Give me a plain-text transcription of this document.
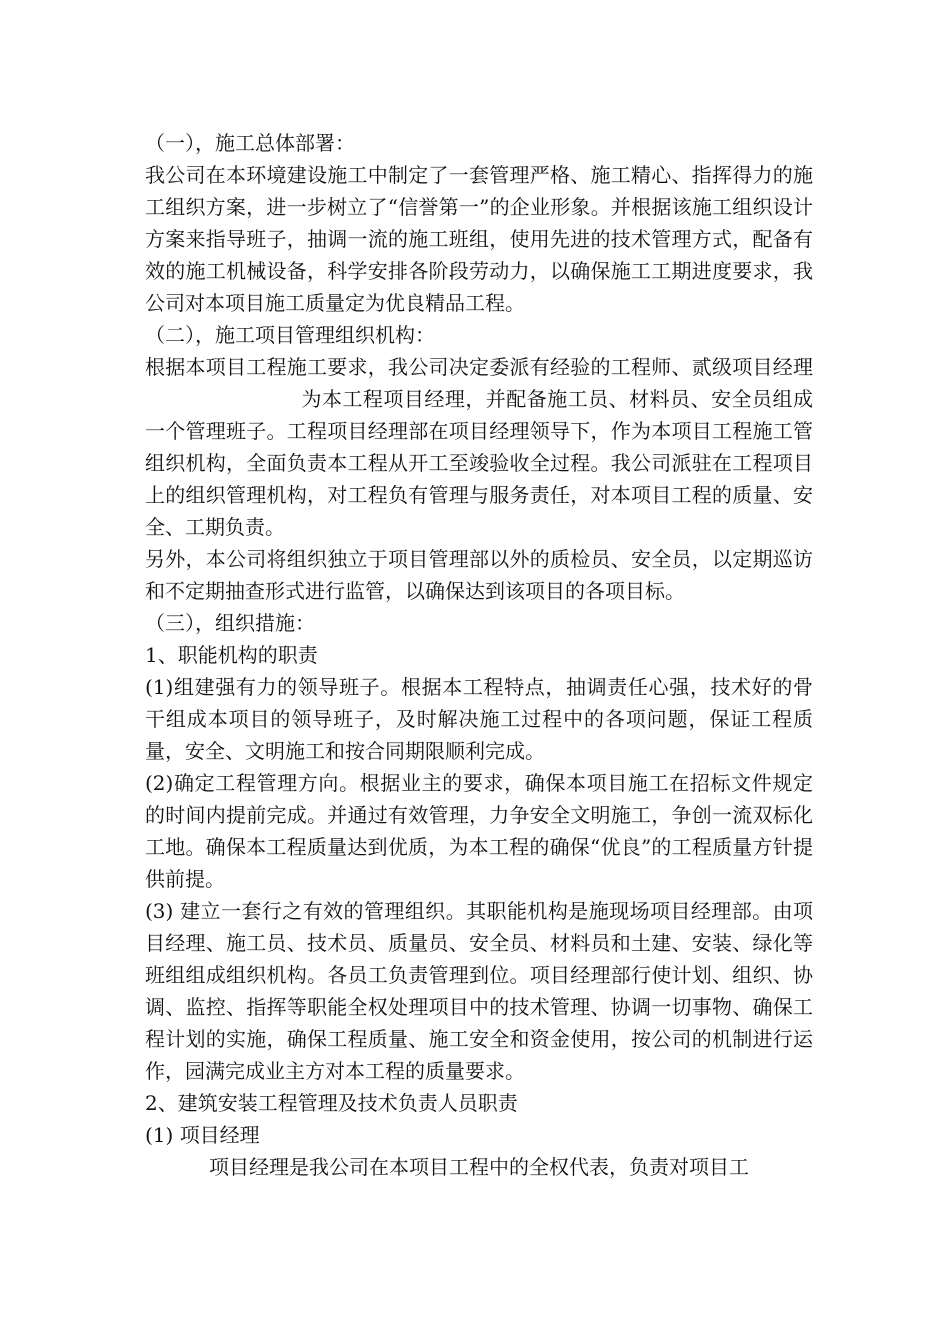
（一），施工总体部署：

我公司在本环境建设施工中制定了一套管理严格、施工精心、指挥得力的施工组织方案，进一步树立了“信誉第一”的企业形象。并根据该施工组织设计方案来指导班子，抽调一流的施工班组，使用先进的技术管理方式，配备有效的施工机械设备，科学安排各阶段劳动力，以确保施工工期进度要求，我公司对本项目施工质量定为优良精品工程。

（二），施工项目管理组织机构：

根据本项目工程施工要求，我公司决定委派有经验的工程师、贰级项目经理为本工程项目经理，并配备施工员、材料员、安全员组成一个管理班子。工程项目经理部在项目经理领导下，作为本项目工程施工管组织机构，全面负责本工程从开工至竣验收全过程。我公司派驻在工程项目上的组织管理机构，对工程负有管理与服务责任，对本项目工程的质量、安全、工期负责。

另外，本公司将组织独立于项目管理部以外的质检员、安全员，以定期巡访和不定期抽查形式进行监管，以确保达到该项目的各项目标。

（三），组织措施：

1、职能机构的职责

(1)组建强有力的领导班子。根据本工程特点，抽调责任心强，技术好的骨干组成本项目的领导班子，及时解决施工过程中的各项问题，保证工程质量，安全、文明施工和按合同期限顺利完成。

(2)确定工程管理方向。根据业主的要求，确保本项目施工在招标文件规定的时间内提前完成。并通过有效管理，力争安全文明施工，争创一流双标化工地。确保本工程质量达到优质，为本工程的确保“优良”的工程质量方针提供前提。

(3) 建立一套行之有效的管理组织。其职能机构是施现场项目经理部。由项目经理、施工员、技术员、质量员、安全员、材料员和土建、安装、绿化等班组组成组织机构。各员工负责管理到位。项目经理部行使计划、组织、协调、监控、指挥等职能全权处理项目中的技术管理、协调一切事物、确保工程计划的实施，确保工程质量、施工安全和资金使用，按公司的机制进行运作，园满完成业主方对本工程的质量要求。

2、建筑安装工程管理及技术负责人员职责

(1) 项目经理

项目经理是我公司在本项目工程中的全权代表，负责对项目工
